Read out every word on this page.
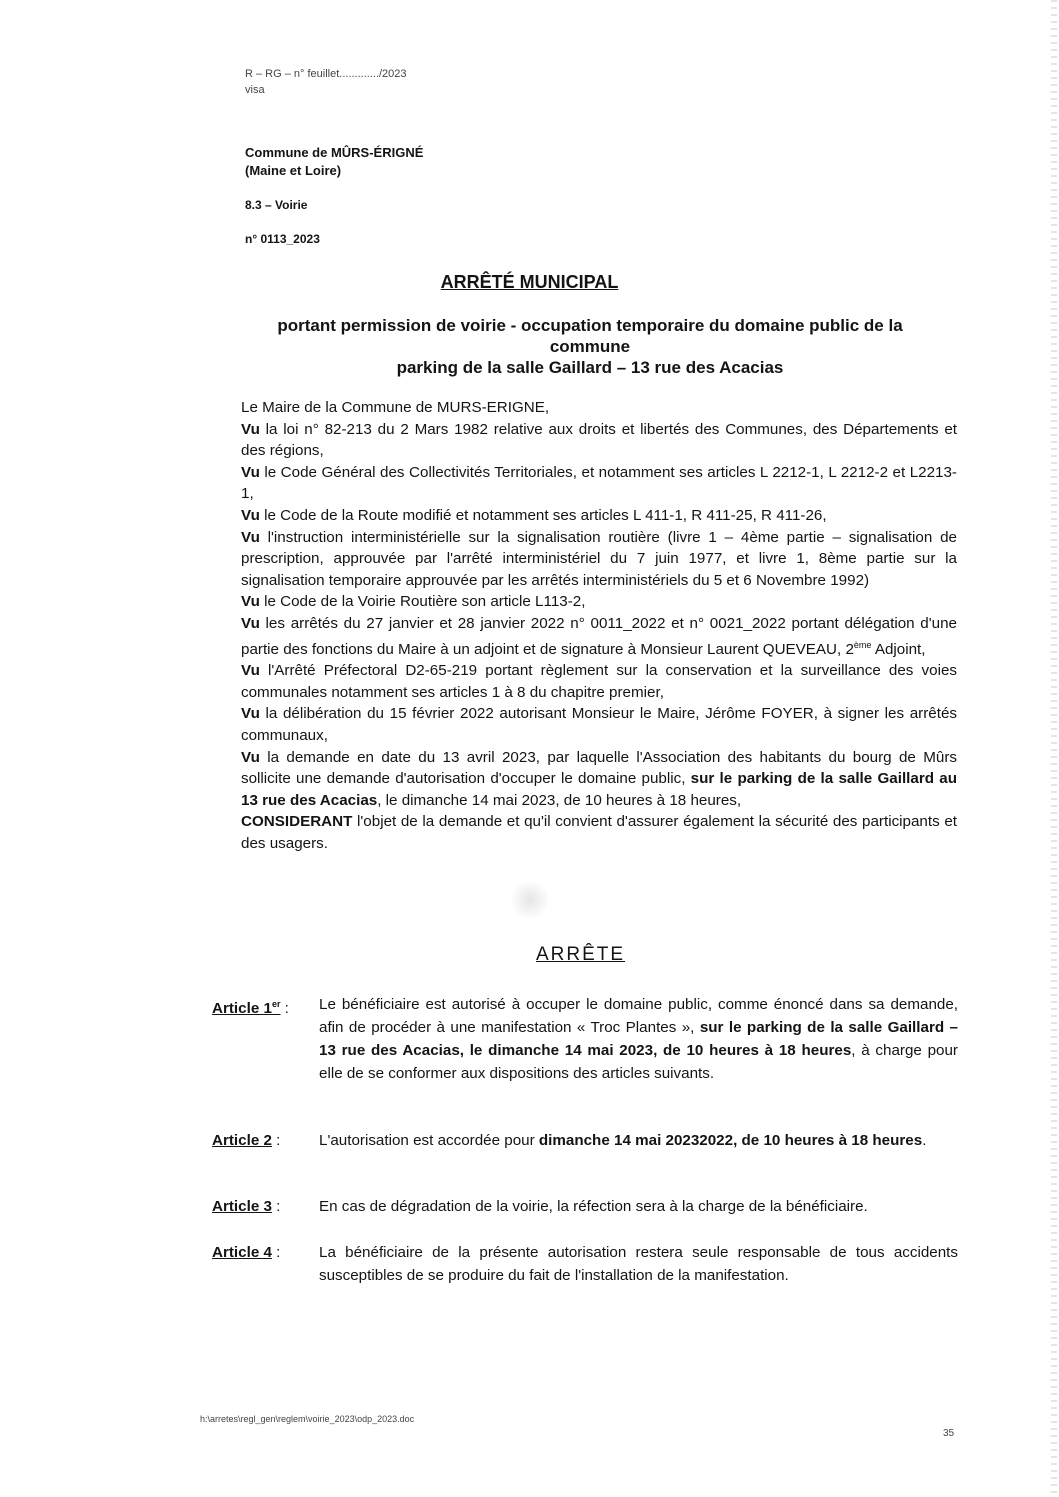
R – RG – n° feuillet............./2023
visa
Commune de MÛRS-ÉRIGNÉ
(Maine et Loire)
8.3 – Voirie
n° 0113_2023
ARRÊTÉ MUNICIPAL
portant permission de voirie - occupation temporaire du domaine public de la commune
parking de la salle Gaillard – 13 rue des Acacias

Le Maire de la Commune de MURS-ERIGNE,

Vu la loi n° 82-213 du 2 Mars 1982 relative aux droits et libertés des Communes, des Départements et des régions,

Vu le Code Général des Collectivités Territoriales, et notamment ses articles L 2212-1, L 2212-2 et L2213-1,

Vu le Code de la Route modifié et notamment ses articles L 411-1, R 411-25, R 411-26,

Vu l'instruction interministérielle sur la signalisation routière (livre 1 – 4ème partie – signalisation de prescription, approuvée par l'arrêté interministériel du 7 juin 1977, et livre 1, 8ème partie sur la signalisation temporaire approuvée par les arrêtés interministériels du 5 et 6 Novembre 1992)

Vu le Code de la Voirie Routière son article L113-2,

Vu les arrêtés du 27 janvier et 28 janvier 2022 n° 0011_2022 et n° 0021_2022 portant délégation d'une partie des fonctions du Maire à un adjoint et de signature à Monsieur Laurent QUEVEAU, 2ème Adjoint,

Vu l'Arrêté Préfectoral D2-65-219 portant règlement sur la conservation et la surveillance des voies communales notamment ses articles 1 à 8 du chapitre premier,

Vu la délibération du 15 février 2022 autorisant Monsieur le Maire, Jérôme FOYER, à signer les arrêtés communaux,

Vu la demande en date du 13 avril 2023, par laquelle l'Association des habitants du bourg de Mûrs sollicite une demande d'autorisation d'occuper le domaine public, sur le parking de la salle Gaillard au 13 rue des Acacias, le dimanche 14 mai 2023, de 10 heures à 18 heures,

CONSIDERANT l'objet de la demande et qu'il convient d'assurer également la sécurité des participants et des usagers.

ARRÊTE
Article 1er : Le bénéficiaire est autorisé à occuper le domaine public, comme énoncé dans sa demande, afin de procéder à une manifestation « Troc Plantes », sur le parking de la salle Gaillard – 13 rue des Acacias, le dimanche 14 mai 2023, de 10 heures à 18 heures, à charge pour elle de se conformer aux dispositions des articles suivants.
Article 2 :	L'autorisation est accordée pour dimanche 14 mai 20232022, de 10 heures à 18 heures.
Article 3 :	En cas de dégradation de la voirie, la réfection sera à la charge de la bénéficiaire.
Article 4 :	La bénéficiaire de la présente autorisation restera seule responsable de tous accidents susceptibles de se produire du fait de l'installation de la manifestation.
h:\arretes\regl_gen\reglem\voirie_2023\odp_2023.doc
35
